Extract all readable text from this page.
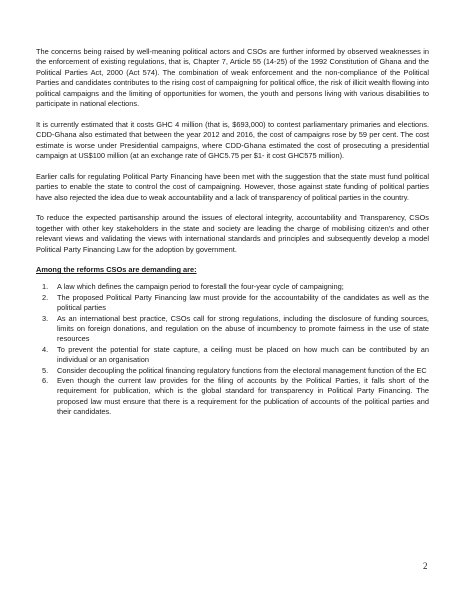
The concerns being raised by well-meaning political actors and CSOs are further informed by observed weaknesses in the enforcement of existing regulations, that is, Chapter 7, Article 55 (14-25) of the 1992 Constitution of Ghana and the Political Parties Act, 2000 (Act 574). The combination of weak enforcement and the non-compliance of the Political Parties and candidates contributes to the rising cost of campaigning for political office, the risk of illicit wealth flowing into political campaigns and the limiting of opportunities for women, the youth and persons living with various disabilities to participate in national elections.

It is currently estimated that it costs GHC 4 million (that is, $693,000) to contest parliamentary primaries and elections. CDD-Ghana also estimated that between the year 2012 and 2016, the cost of campaigns rose by 59 per cent. The cost estimate is worse under Presidential campaigns, where CDD-Ghana estimated the cost of prosecuting a presidential campaign at US$100 million (at an exchange rate of GHC5.75 per $1- it cost GHC575 million).

Earlier calls for regulating Political Party Financing have been met with the suggestion that the state must fund political parties to enable the state to control the cost of campaigning. However, those against state funding of political parties have also rejected the idea due to weak accountability and a lack of transparency of political parties in the country.

To reduce the expected partisanship around the issues of electoral integrity, accountability and Transparency, CSOs together with other key stakeholders in the state and society are leading the charge of mobilising citizen’s and other relevant views and validating the views with international standards and principles and subsequently develop a model Political Party Financing Law for the adoption by government.

Among the reforms CSOs are demanding are:
1. A law which defines the campaign period to forestall the four-year cycle of campaigning;
2. The proposed Political Party Financing law must provide for the accountability of the candidates as well as the political parties
3. As an international best practice, CSOs call for strong regulations, including the disclosure of funding sources, limits on foreign donations, and regulation on the abuse of incumbency to promote fairness in the use of state resources
4. To prevent the potential for state capture, a ceiling must be placed on how much can be contributed by an individual or an organisation
5. Consider decoupling the political financing regulatory functions from the electoral management function of the EC
6. Even though the current law provides for the filing of accounts by the Political Parties, it falls short of the requirement for publication, which is the global standard for transparency in Political Party Financing. The proposed law must ensure that there is a requirement for the publication of accounts of the political parties and their candidates.
2
